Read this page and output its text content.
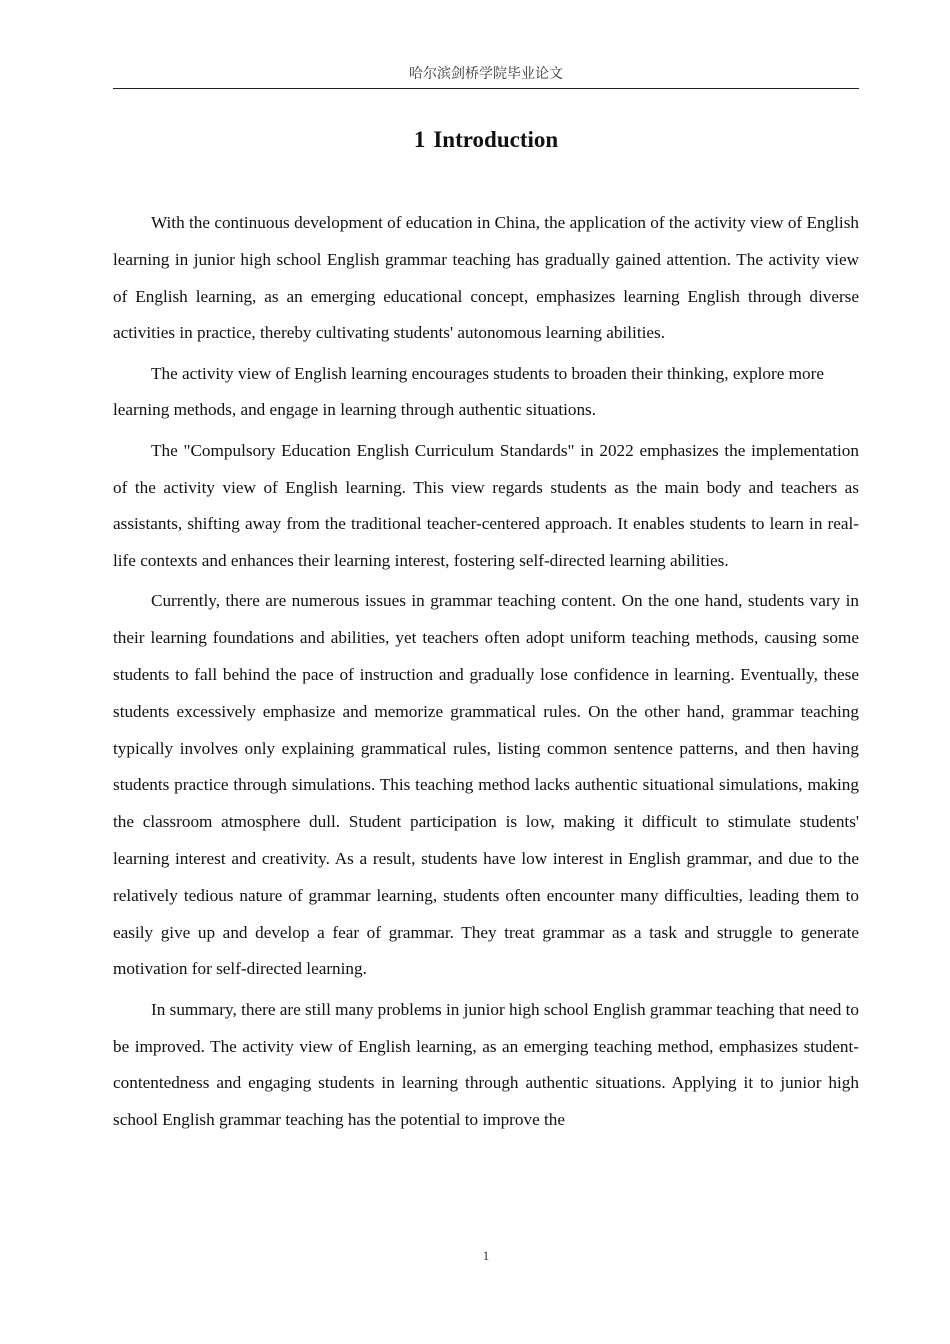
哈尔滨剑桥学院毕业论文
1 Introduction

With the continuous development of education in China, the application of the activity view of English learning in junior high school English grammar teaching has gradually gained attention. The activity view of English learning, as an emerging educational concept, emphasizes learning English through diverse activities in practice, thereby cultivating students' autonomous learning abilities.

The activity view of English learning encourages students to broaden their thinking, explore more learning methods, and engage in learning through authentic situations.

The "Compulsory Education English Curriculum Standards" in 2022 emphasizes the implementation of the activity view of English learning. This view regards students as the main body and teachers as assistants, shifting away from the traditional teacher-centered approach. It enables students to learn in real-life contexts and enhances their learning interest, fostering self-directed learning abilities.

Currently, there are numerous issues in grammar teaching content. On the one hand, students vary in their learning foundations and abilities, yet teachers often adopt uniform teaching methods, causing some students to fall behind the pace of instruction and gradually lose confidence in learning. Eventually, these students excessively emphasize and memorize grammatical rules. On the other hand, grammar teaching typically involves only explaining grammatical rules, listing common sentence patterns, and then having students practice through simulations. This teaching method lacks authentic situational simulations, making the classroom atmosphere dull. Student participation is low, making it difficult to stimulate students' learning interest and creativity. As a result, students have low interest in English grammar, and due to the relatively tedious nature of grammar learning, students often encounter many difficulties, leading them to easily give up and develop a fear of grammar. They treat grammar as a task and struggle to generate motivation for self-directed learning.

In summary, there are still many problems in junior high school English grammar teaching that need to be improved. The activity view of English learning, as an emerging teaching method, emphasizes student-contentedness and engaging students in learning through authentic situations. Applying it to junior high school English grammar teaching has the potential to improve the

1
